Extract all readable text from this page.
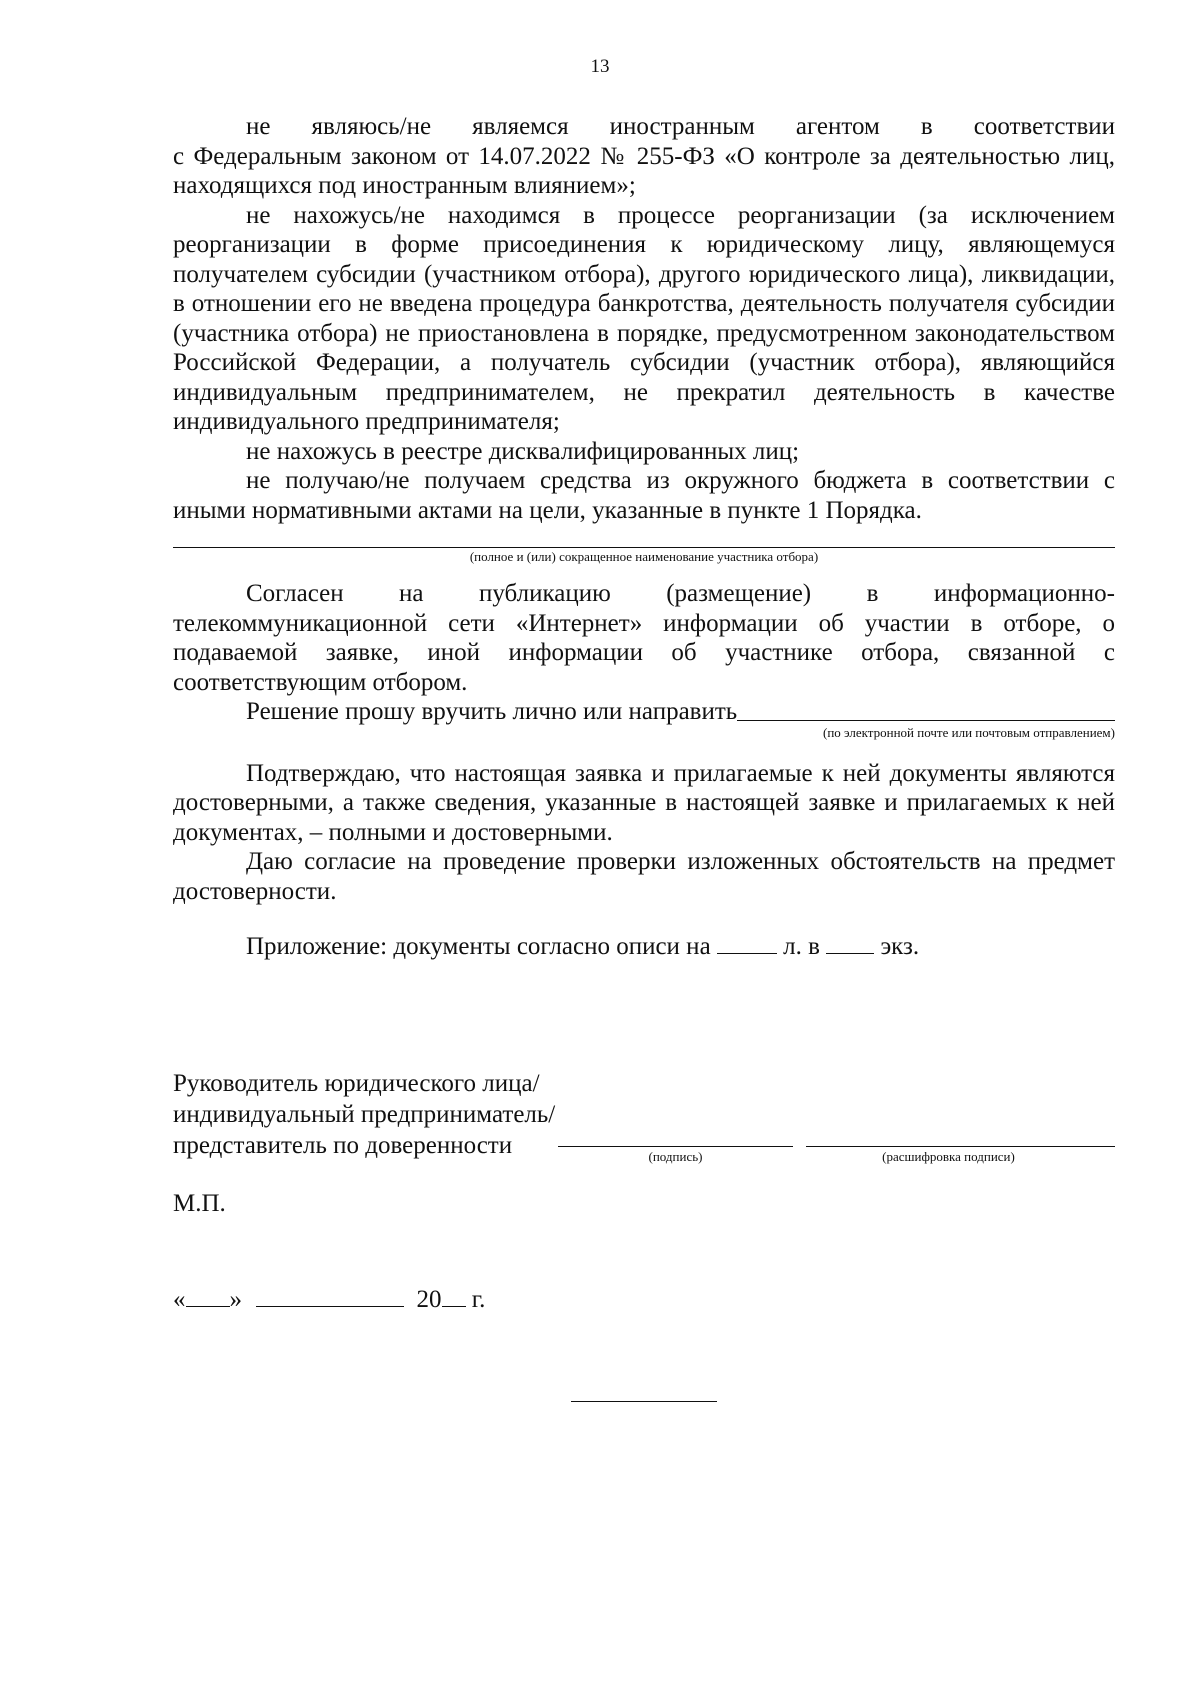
13

не являюсь/не являемся иностранным агентом в соответствии

с Федеральным законом от 14.07.2022 № 255-ФЗ «О контроле за деятельностью лиц, находящихся под иностранным влиянием»;

не нахожусь/не находимся в процессе реорганизации (за исключением реорганизации в форме присоединения к юридическому лицу, являющемуся получателем субсидии (участником отбора), другого юридического лица), ликвидации, в отношении его не введена процедура банкротства, деятельность получателя субсидии (участника отбора) не приостановлена в порядке, предусмотренном законодательством Российской Федерации, а получатель субсидии (участник отбора), являющийся индивидуальным предпринимателем, не прекратил деятельность в качестве индивидуального предпринимателя;

не нахожусь в реестре дисквалифицированных лиц;

не получаю/не получаем средства из окружного бюджета в соответствии с иными нормативными актами на цели, указанные в пункте 1 Порядка.

(полное и (или) сокращенное наименование участника отбора)

Согласен на публикацию (размещение) в информационно-телекоммуникационной сети «Интернет» информации об участии в отборе, о подаваемой заявке, иной информации об участнике отбора, связанной с соответствующим отбором.

Решение прошу вручить лично или направить
(по электронной почте или почтовым отправлением)

Подтверждаю, что настоящая заявка и прилагаемые к ней документы являются достоверными, а также сведения, указанные в настоящей заявке и прилагаемых к ней документах, – полными и достоверными.

Даю согласие на проведение проверки изложенных обстоятельств на предмет достоверности.

Приложение: документы согласно описи на	л. в экз.

Руководитель юридического лица/
индивидуальный предприниматель/
представитель по доверенности	(подпись)	(расшифровка подписи)
М.П.
« »	20 г.
